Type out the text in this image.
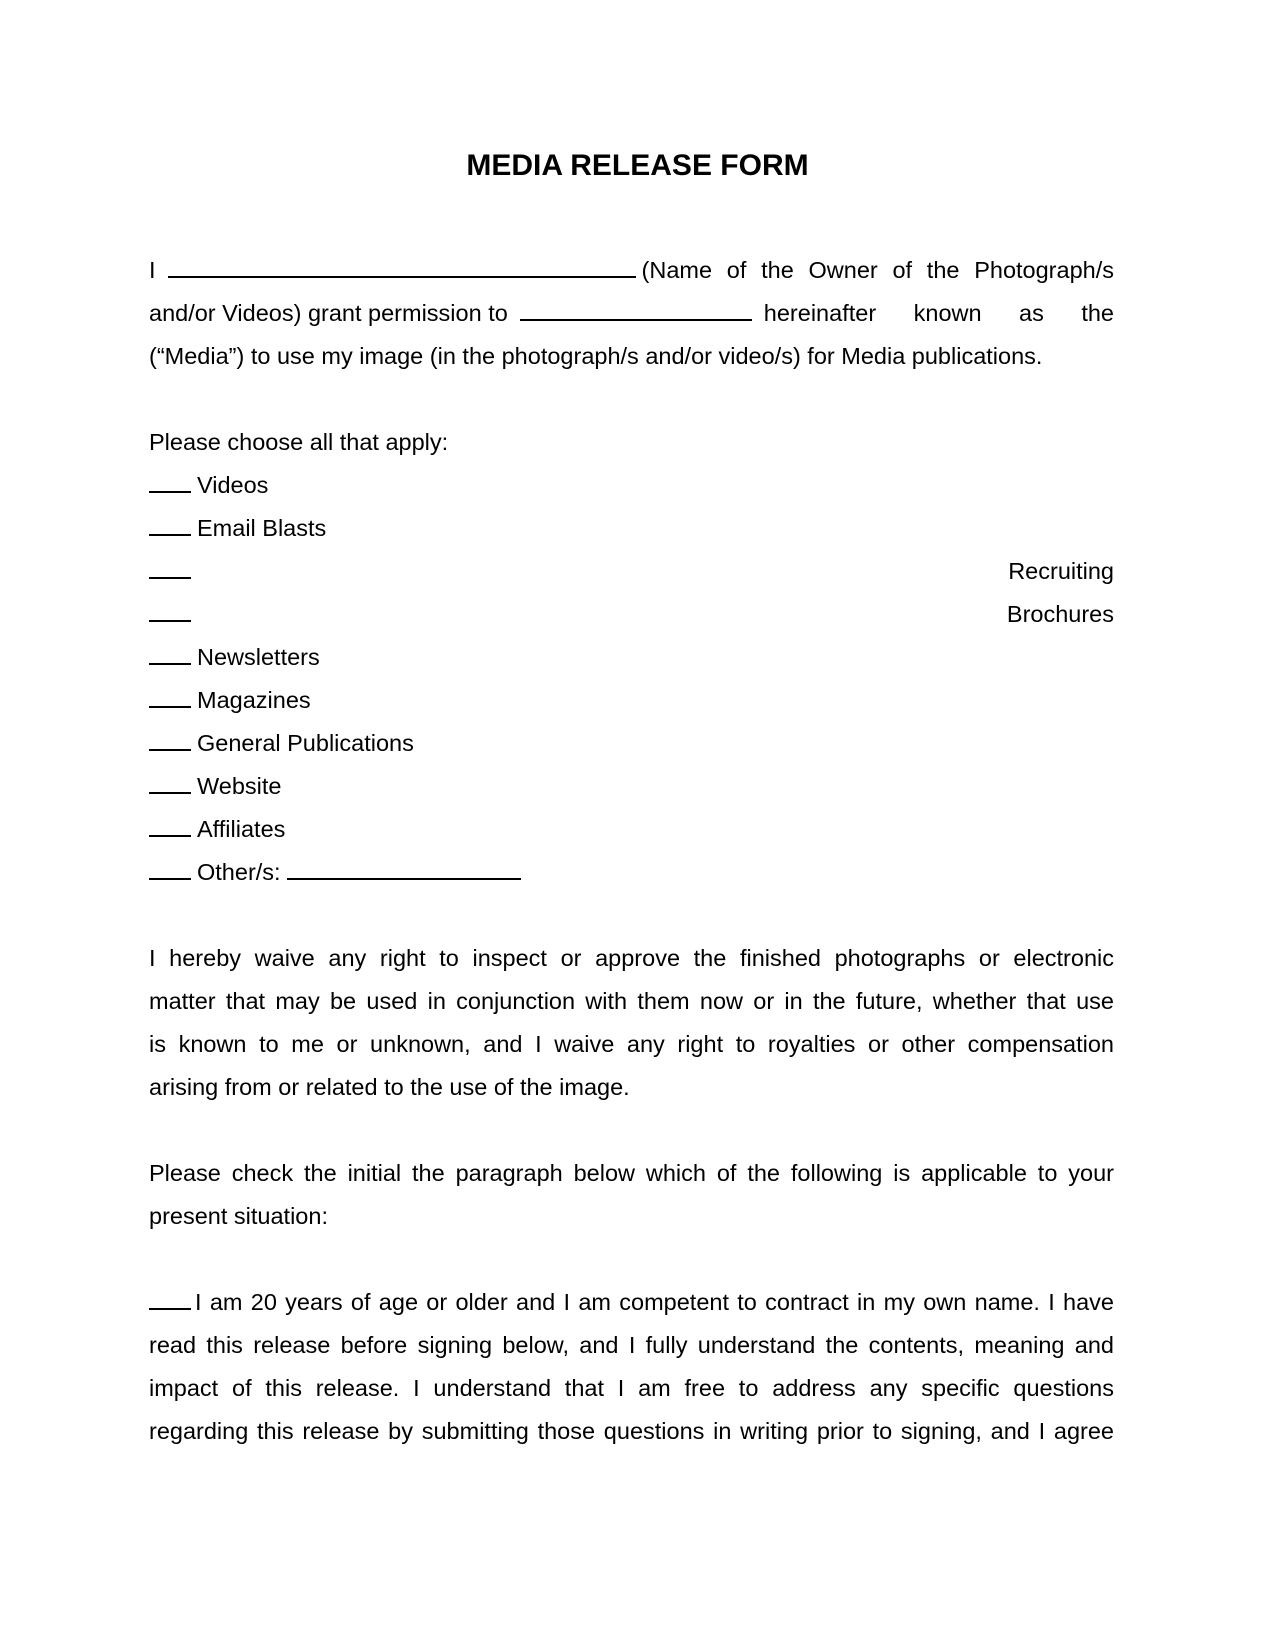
MEDIA RELEASE FORM
I	(Name of the Owner of the Photograph/s
and/or Videos) grant permission to	hereinafter known as the
(“Media”) to use my image (in the photograph/s and/or video/s) for Media publications.
Please choose all that apply:
Videos
Email Blasts
Recruiting
Brochures
Newsletters
Magazines
General Publications
Website
Affiliates
Other/s:
I hereby waive any right to inspect or approve the finished photographs or electronic
matter that may be used in conjunction with them now or in the future, whether that use
is known to me or unknown, and I waive any right to royalties or other compensation
arising from or related to the use of the image.
Please check the initial the paragraph below which of the following is applicable to your
present situation:
I am 20 years of age or older and I am competent to contract in my own name. I have
read this release before signing below, and I fully understand the contents, meaning and
impact of this release. I understand that I am free to address any specific questions
regarding this release by submitting those questions in writing prior to signing, and I agree
